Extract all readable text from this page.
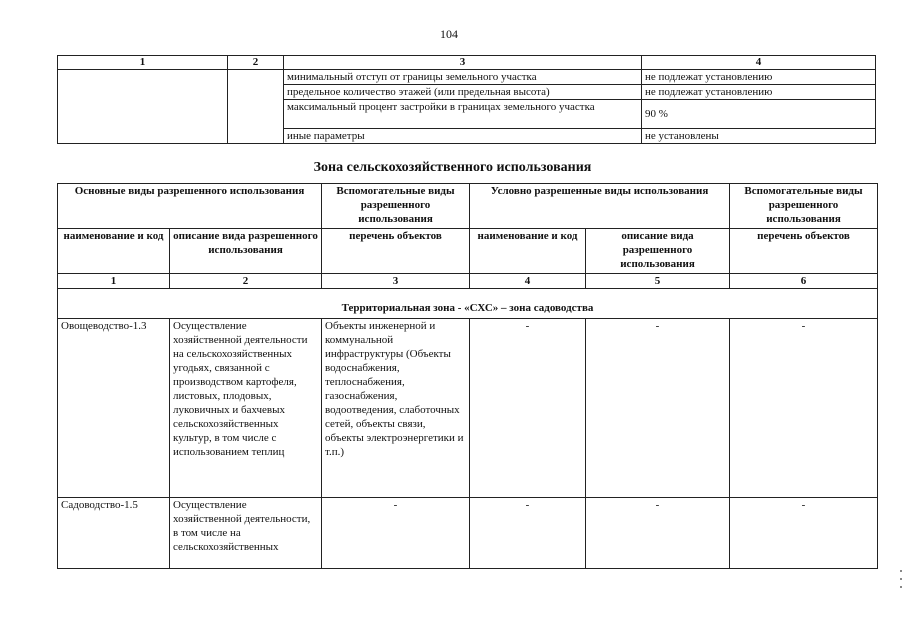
104
1	2	3	4
		минимальный отступ от границы земельного участка	не подлежат установлению
		предельное количество этажей (или предельная высота)	не подлежат установлению
		максимальный процент застройки в границах земельного участка	90 %
		иные параметры	не установлены
Зона сельскохозяйственного использования
Основные виды разрешенного использования		Вспомогательные виды разрешенного использования	Условно разрешенные виды использования		Вспомогательные виды разрешенного использования
наименование и код	описание вида разрешенного использования	перечень объектов	наименование и код	описание вида разрешенного использования	перечень объектов
1	2	3	4	5	6
Территориальная зона - «СХС» – зона садоводства					
Овощеводство-1.3	Осуществление хозяйственной деятельности на сельскохозяйственных угодьях, связанной с производством картофеля, листовых, плодовых, луковичных и бахчевых сельскохозяйственных культур, в том числе с использованием теплиц	Объекты инженерной и коммунальной инфраструктуры (Объекты водоснабжения, теплоснабжения, газоснабжения, водоотведения, слаботочных сетей, объекты связи, объекты электроэнергетики и т.п.)	-	-	-
Садоводство-1.5	Осуществление хозяйственной деятельности, в том числе на сельскохозяйственных	-	-	-	-
